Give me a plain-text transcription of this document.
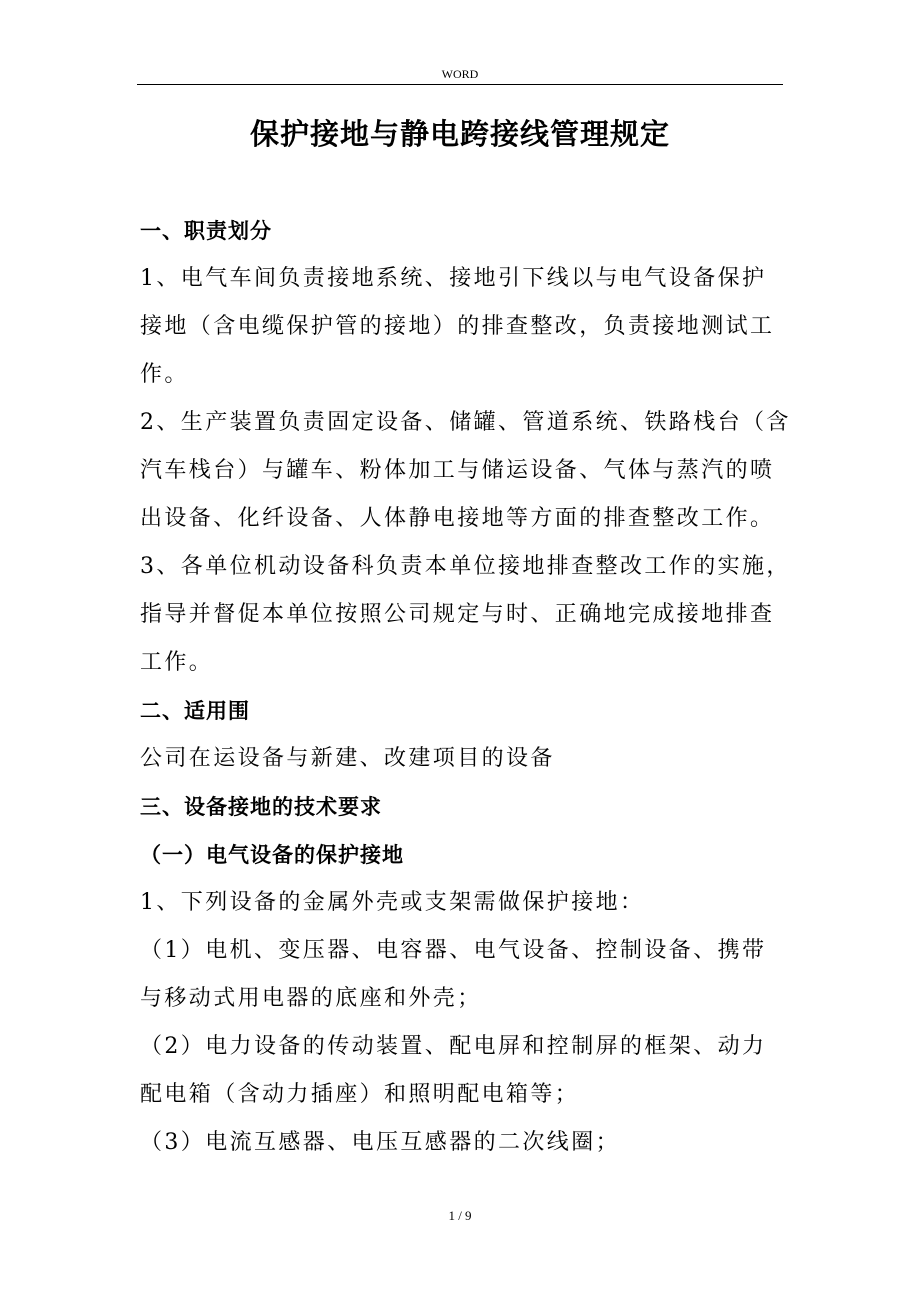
WORD
保护接地与静电跨接线管理规定
一、职责划分
1、电气车间负责接地系统、接地引下线以与电气设备保护
接地（含电缆保护管的接地）的排查整改，负责接地测试工
作。
2、生产装置负责固定设备、储罐、管道系统、铁路栈台（含
汽车栈台）与罐车、粉体加工与储运设备、气体与蒸汽的喷
出设备、化纤设备、人体静电接地等方面的排查整改工作。
3、各单位机动设备科负责本单位接地排查整改工作的实施，
指导并督促本单位按照公司规定与时、正确地完成接地排查
工作。
二、适用围
公司在运设备与新建、改建项目的设备
三、设备接地的技术要求
（一）电气设备的保护接地
1、下列设备的金属外壳或支架需做保护接地：
（1）电机、变压器、电容器、电气设备、控制设备、携带
与移动式用电器的底座和外壳；
（2）电力设备的传动装置、配电屏和控制屏的框架、动力
配电箱（含动力插座）和照明配电箱等；
（3）电流互感器、电压互感器的二次线圈；
1 / 9
